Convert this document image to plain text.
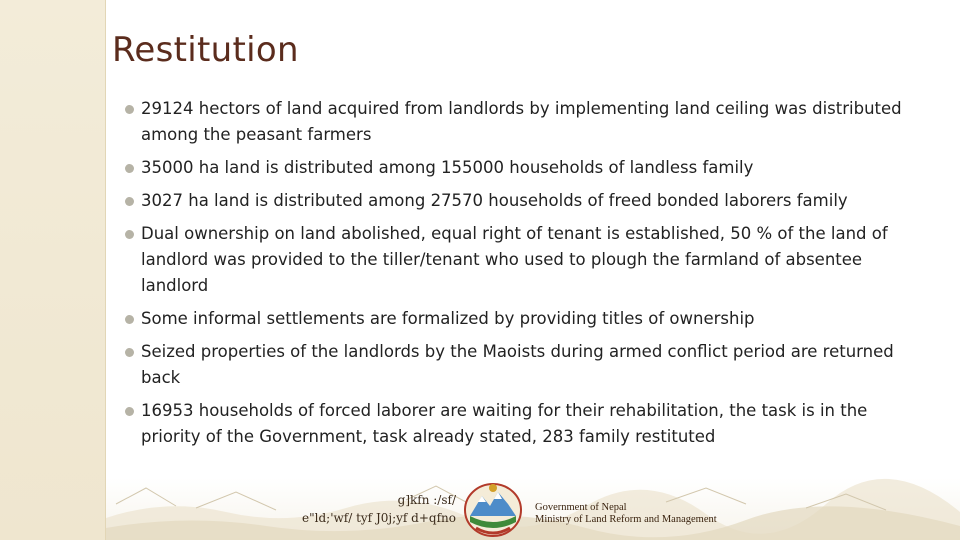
Restitution
29124 hectors of land acquired from landlords by implementing land ceiling was distributed among the peasant farmers
35000 ha land is distributed among 155000 households of landless family
3027 ha land is distributed among 27570 households of freed bonded laborers family
Dual ownership on land abolished, equal right of tenant is established, 50 % of the land of landlord was provided to the tiller/tenant who used to plough the farmland of absentee landlord
Some informal settlements are formalized by providing titles of ownership
Seized properties of the landlords by the Maoists during armed conflict period are returned back
16953 households of forced laborer are waiting for their rehabilitation, the task is in the priority of the Government, task already stated, 283 family restituted
g]kfn :/sf/
e"ld;'wf/ tyf J0j;yf d+qfno
Government of Nepal
Ministry of Land Reform and Management
